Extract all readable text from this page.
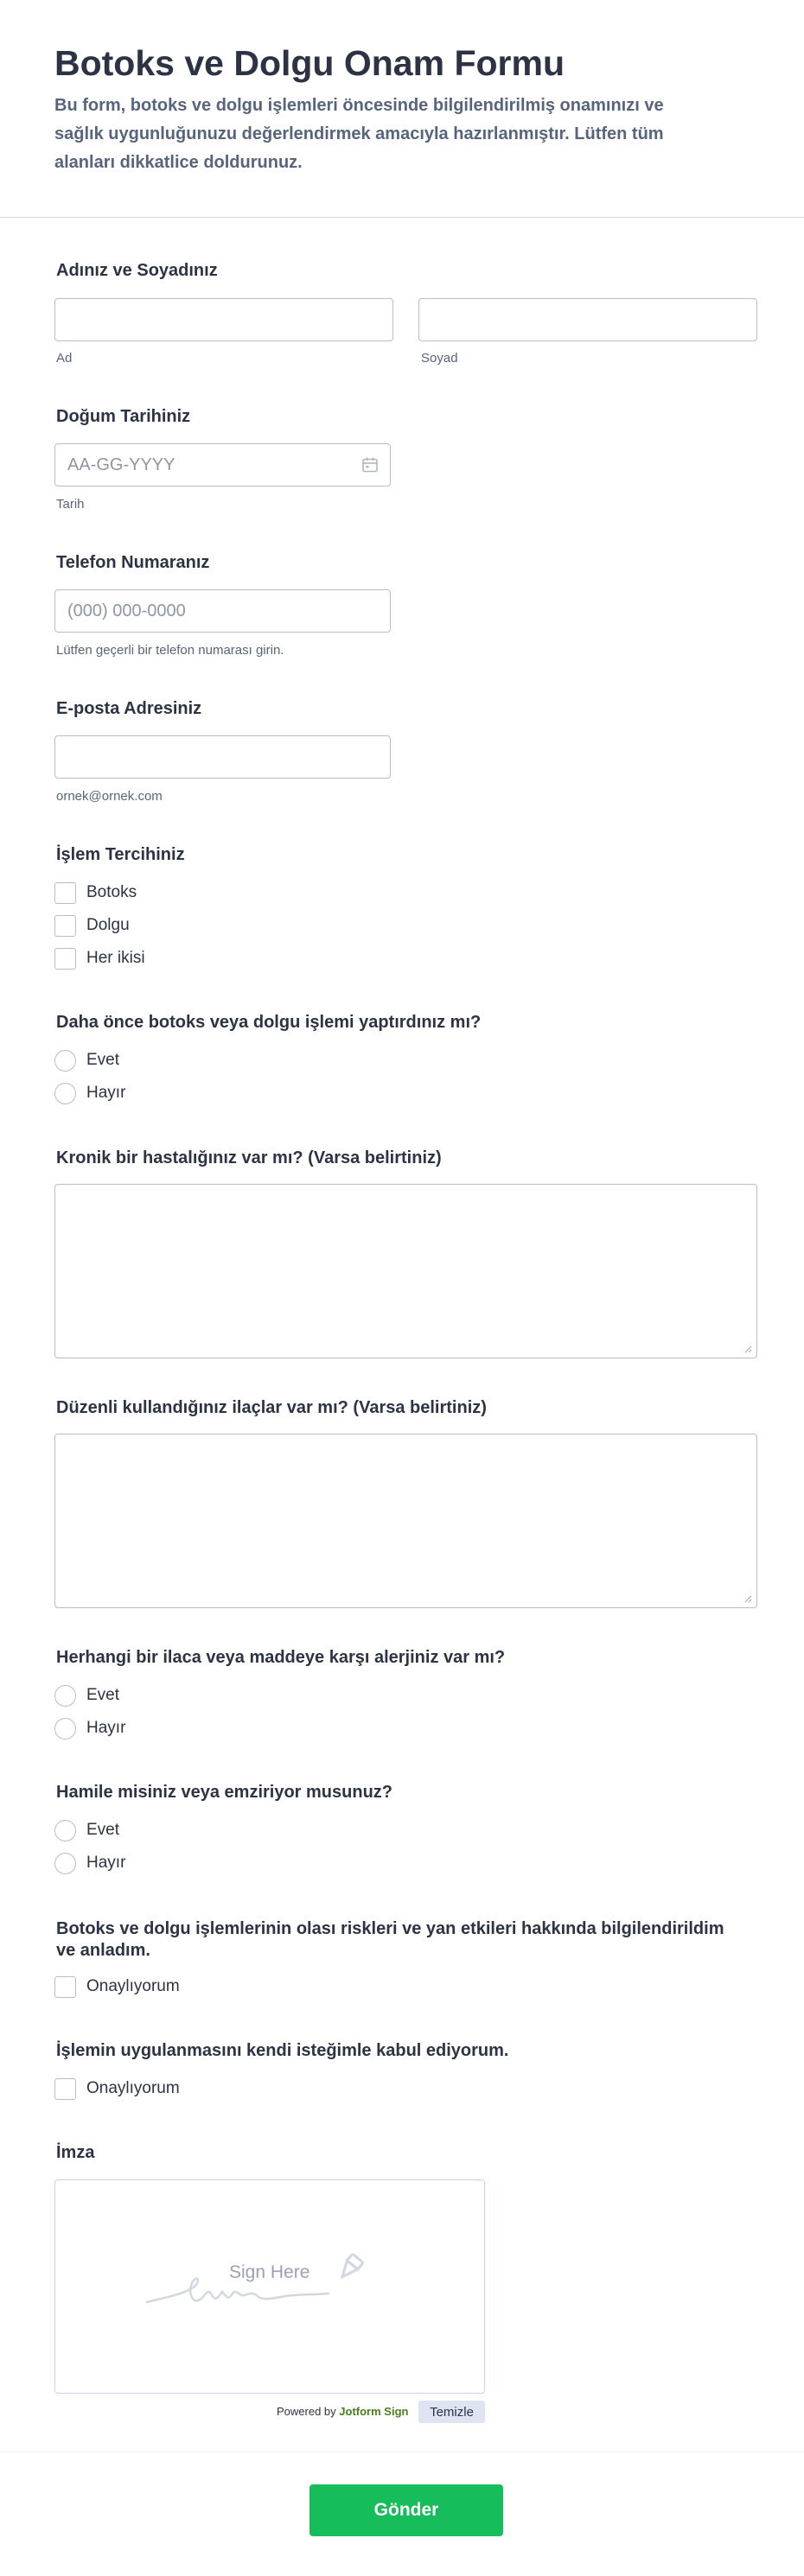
Botoks ve Dolgu Onam Formu

Bu form, botoks ve dolgu işlemleri öncesinde bilgilendirilmiş onamınızı ve sağlık uygunluğunuzu değerlendirmek amacıyla hazırlanmıştır. Lütfen tüm alanları dikkatlice doldurunuz.

Adınız ve Soyadınız
Ad	Soyad
Doğum Tarihiniz
AA-GG-YYYY
Tarih
Telefon Numaranız
(000) 000-0000
Lütfen geçerli bir telefon numarası girin.
E-posta Adresiniz
ornek@ornek.com
İşlem Tercihiniz
Botoks
Dolgu
Her ikisi
Daha önce botoks veya dolgu işlemi yaptırdınız mı?
Evet
Hayır
Kronik bir hastalığınız var mı? (Varsa belirtiniz)
Düzenli kullandığınız ilaçlar var mı? (Varsa belirtiniz)
Herhangi bir ilaca veya maddeye karşı alerjiniz var mı?
Evet
Hayır
Hamile misiniz veya emziriyor musunuz?
Evet
Hayır
Botoks ve dolgu işlemlerinin olası riskleri ve yan etkileri hakkında bilgilendirildim ve anladım.
Onaylıyorum
İşlemin uygulanmasını kendi isteğimle kabul ediyorum.
Onaylıyorum
İmza
Sign Here
Powered by Jotform Sign	Temizle
Gönder
